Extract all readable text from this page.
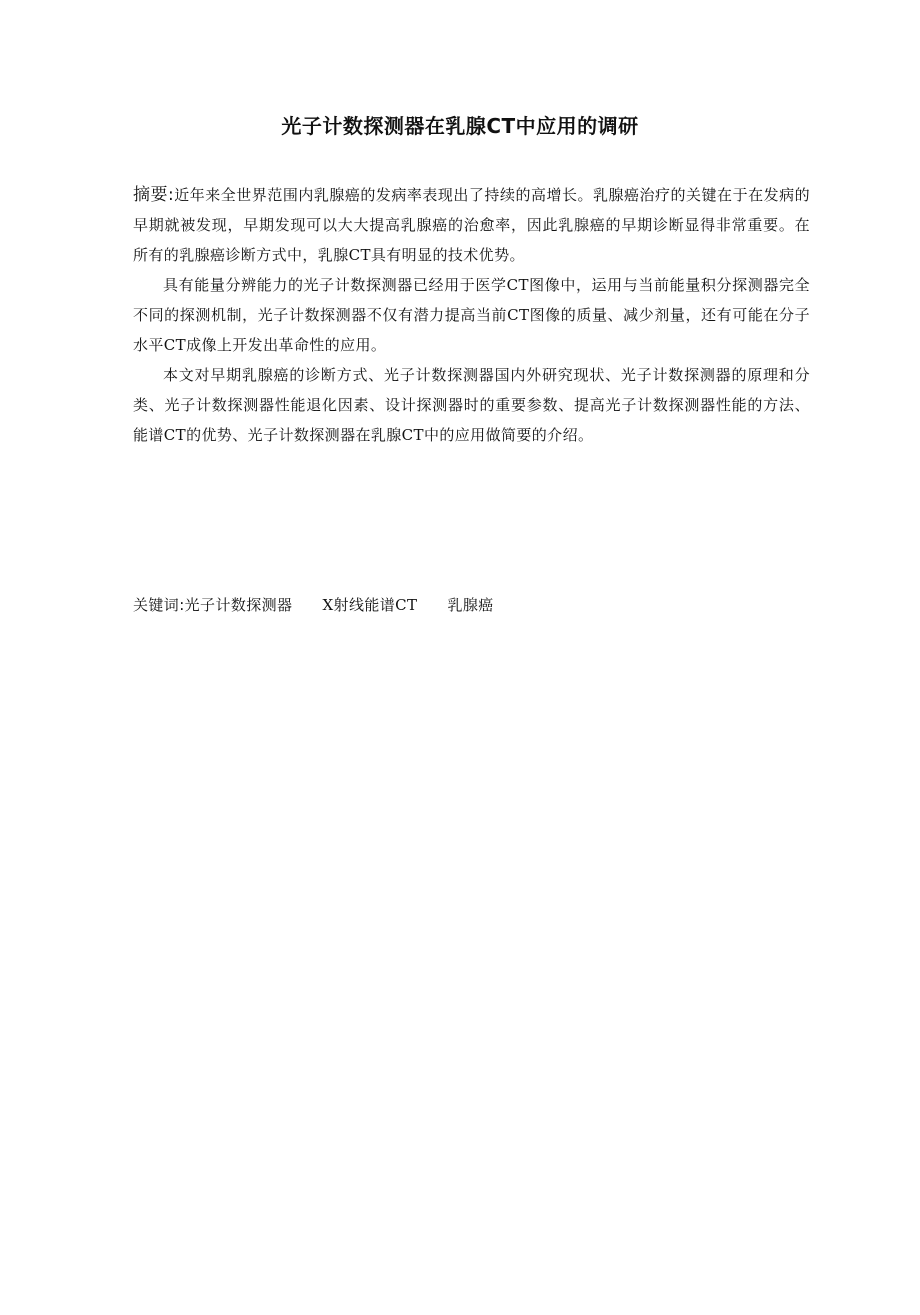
光子计数探测器在乳腺CT中应用的调研

摘要:近年来全世界范围内乳腺癌的发病率表现出了持续的高增长。乳腺癌治疗的关键在于在发病的早期就被发现，早期发现可以大大提高乳腺癌的治愈率，因此乳腺癌的早期诊断显得非常重要。在所有的乳腺癌诊断方式中，乳腺CT具有明显的技术优势。

具有能量分辨能力的光子计数探测器已经用于医学CT图像中，运用与当前能量积分探测器完全不同的探测机制，光子计数探测器不仅有潜力提高当前CT图像的质量、减少剂量，还有可能在分子水平CT成像上开发出革命性的应用。

本文对早期乳腺癌的诊断方式、光子计数探测器国内外研究现状、光子计数探测器的原理和分类、光子计数探测器性能退化因素、设计探测器时的重要参数、提高光子计数探测器性能的方法、能谱CT的优势、光子计数探测器在乳腺CT中的应用做简要的介绍。

关键词:光子计数探测器 X射线能谱CT 乳腺癌
